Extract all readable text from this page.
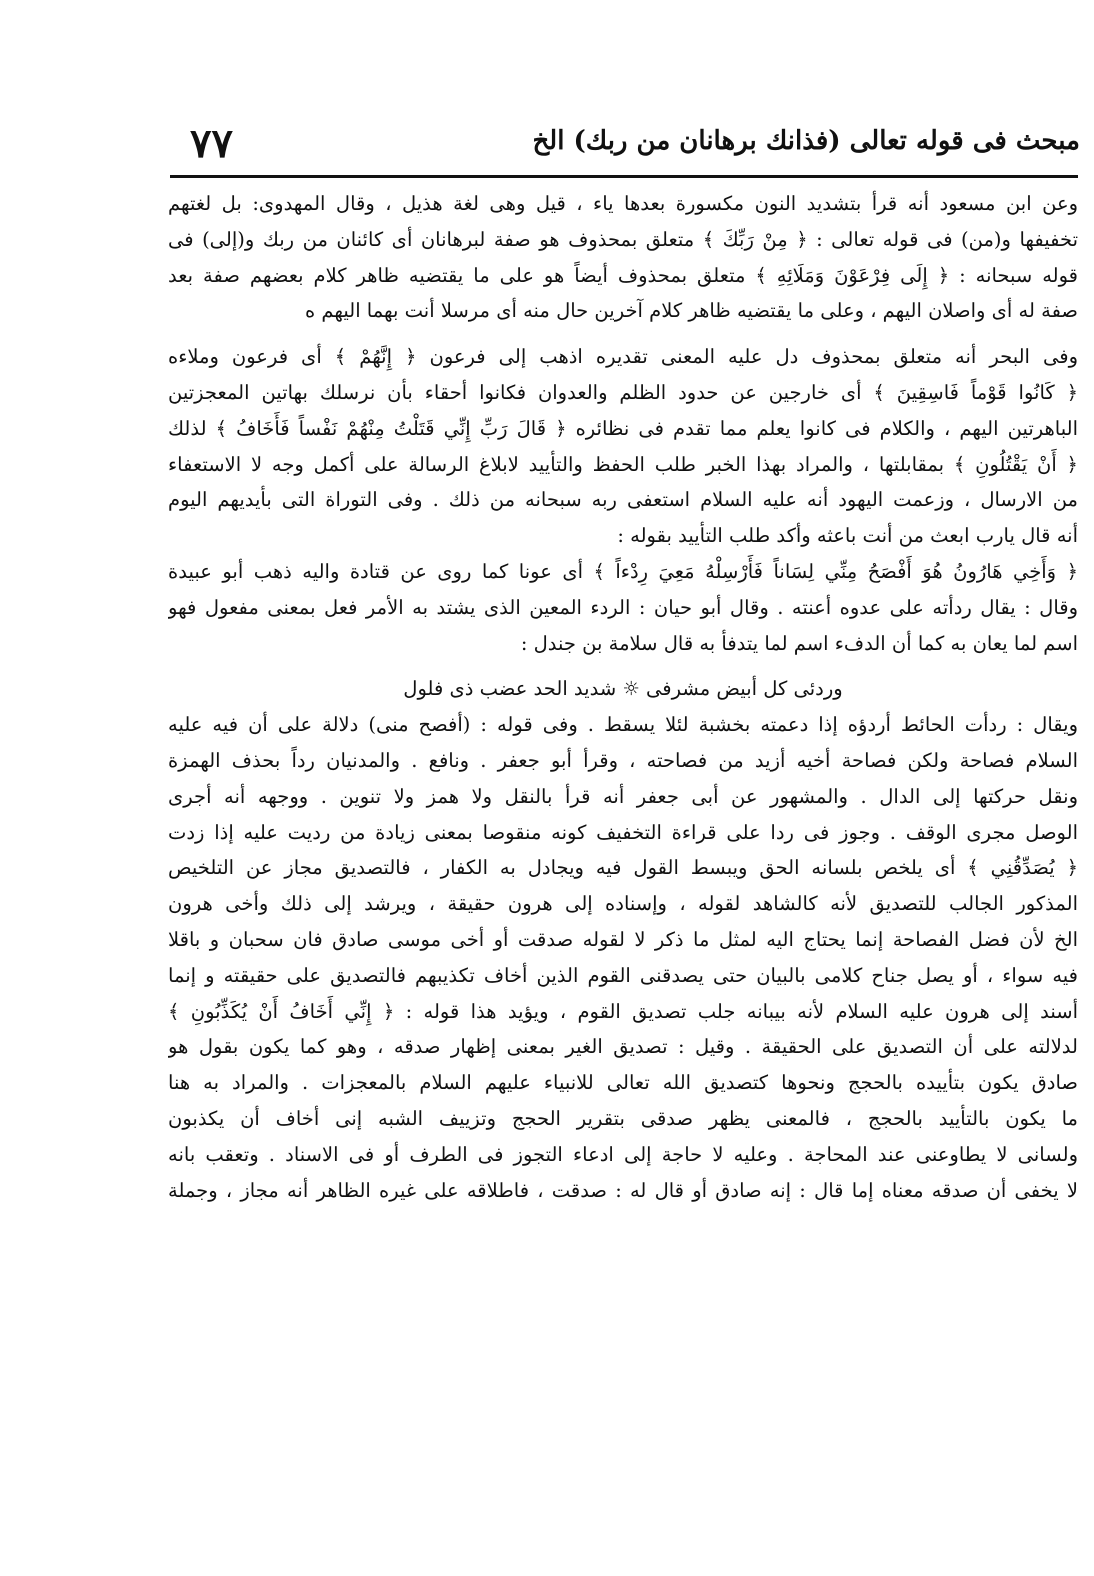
مبحث فى قوله تعالى (فذانك برهانان من ربك) الخ
٧٧
وعن ابن مسعود أنه قرأ بتشديد النون مكسورة بعدها ياء ، قيل وهى لغة هذيل ، وقال المهدوى: بل لغتهم
تخفيفها و(من) فى قوله تعالى : ﴿ مِنْ رَبِّكَ ﴾ متعلق بمحذوف هو صفة لبرهانان أى كائنان من ربك و(إلى) فى
قوله سبحانه : ﴿ إِلَى فِرْعَوْنَ وَمَلَائِهِ ﴾ متعلق بمحذوف أيضاً هو على ما يقتضيه ظاهر كلام بعضهم صفة بعد
صفة له أى واصلان اليهم ، وعلى ما يقتضيه ظاهر كلام آخرين حال منه أى مرسلا أنت بهما اليهم ه
وفى البحر أنه متعلق بمحذوف دل عليه المعنى تقديره اذهب إلى فرعون ﴿ إِنَّهُمْ ﴾ أى فرعون وملاءه
﴿ كَانُوا قَوْماً فَاسِقِينَ ﴾ أى خارجين عن حدود الظلم والعدوان فكانوا أحقاء بأن نرسلك بهاتين المعجزتين
الباهرتين اليهم ، والكلام فى كانوا يعلم مما تقدم فى نظائره ﴿ قَالَ رَبِّ إِنِّي قَتَلْتُ مِنْهُمْ نَفْساً فَأَخَافُ ﴾ لذلك
﴿ أَنْ يَقْتُلُونِ ﴾ بمقابلتها ، والمراد بهذا الخبر طلب الحفظ والتأييد لابلاغ الرسالة على أكمل وجه لا الاستعفاء
من الارسال ، وزعمت اليهود أنه عليه السلام استعفى ربه سبحانه من ذلك . وفى التوراة التى بأيديهم اليوم
أنه قال يارب ابعث من أنت باعثه وأكد طلب التأييد بقوله :
﴿ وَأَخِي هَارُونُ هُوَ أَفْصَحُ مِنِّي لِسَاناً فَأَرْسِلْهُ مَعِيَ رِدْءاً ﴾ أى عونا كما روى عن قتادة واليه ذهب أبو عبيدة
وقال : يقال ردأته على عدوه أعنته . وقال أبو حيان : الردء المعين الذى يشتد به الأمر فعل بمعنى مفعول فهو
اسم لما يعان به كما أن الدفء اسم لما يتدفأ به قال سلامة بن جندل :
وردئى كل أبيض مشرفى ☼ شديد الحد عضب ذى فلول
ويقال : ردأت الحائط أردؤه إذا دعمته بخشبة لئلا يسقط . وفى قوله : (أفصح منى) دلالة على أن فيه عليه
السلام فصاحة ولكن فصاحة أخيه أزيد من فصاحته ، وقرأ أبو جعفر . ونافع . والمدنيان رداً بحذف الهمزة
ونقل حركتها إلى الدال . والمشهور عن أبى جعفر أنه قرأ بالنقل ولا همز ولا تنوين . ووجهه أنه أجرى
الوصل مجرى الوقف . وجوز فى ردا على قراءة التخفيف كونه منقوصا بمعنى زيادة من رديت عليه إذا زدت
﴿ يُصَدِّقُنِي ﴾ أى يلخص بلسانه الحق ويبسط القول فيه ويجادل به الكفار ، فالتصديق مجاز عن التلخيص
المذكور الجالب للتصديق لأنه كالشاهد لقوله ، وإسناده إلى هرون حقيقة ، ويرشد إلى ذلك وأخى هرون
الخ لأن فضل الفصاحة إنما يحتاج اليه لمثل ما ذكر لا لقوله صدقت أو أخى موسى صادق فان سحبان و باقلا
فيه سواء ، أو يصل جناح كلامى بالبيان حتى يصدقنى القوم الذين أخاف تكذيبهم فالتصديق على حقيقته و إنما
أسند إلى هرون عليه السلام لأنه بيبانه جلب تصديق القوم ، ويؤيد هذا قوله : ﴿ إِنِّي أَخَافُ أَنْ يُكَذِّبُونِ ﴾
لدلالته على أن التصديق على الحقيقة . وقيل : تصديق الغير بمعنى إظهار صدقه ، وهو كما يكون بقول هو
صادق يكون بتأييده بالحجج ونحوها كتصديق الله تعالى للانبياء عليهم السلام بالمعجزات . والمراد به هنا
ما يكون بالتأييد بالحجج ، فالمعنى يظهر صدقى بتقرير الحجج وتزييف الشبه إنى أخاف أن يكذبون
ولسانى لا يطاوعنى عند المحاجة . وعليه لا حاجة إلى ادعاء التجوز فى الطرف أو فى الاسناد . وتعقب بانه
لا يخفى أن صدقه معناه إما قال : إنه صادق أو قال له : صدقت ، فاطلاقه على غيره الظاهر أنه مجاز ، وجملة
